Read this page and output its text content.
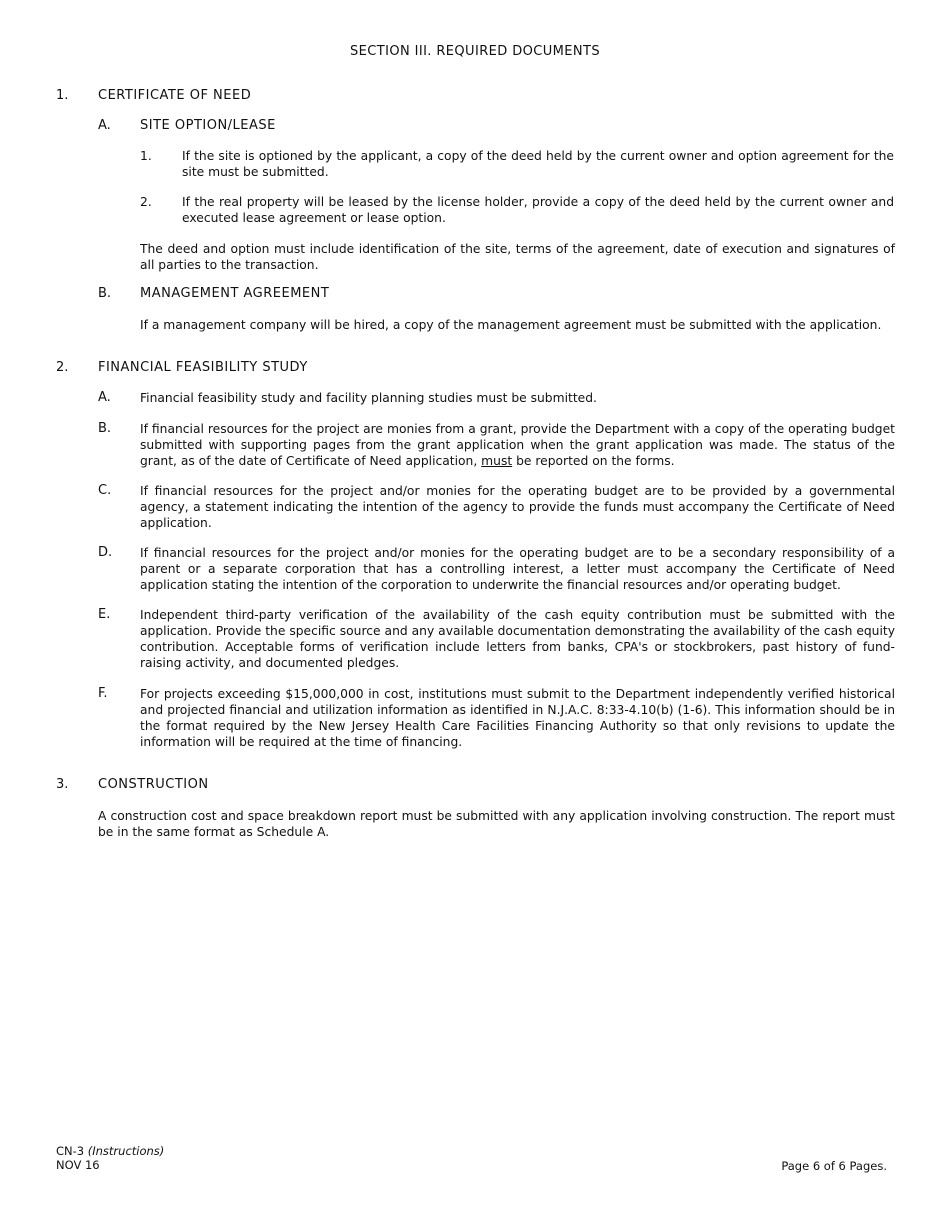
SECTION III. REQUIRED DOCUMENTS
1. CERTIFICATE OF NEED
A. SITE OPTION/LEASE
1. If the site is optioned by the applicant, a copy of the deed held by the current owner and option agreement for the site must be submitted.
2. If the real property will be leased by the license holder, provide a copy of the deed held by the current owner and executed lease agreement or lease option.
The deed and option must include identification of the site, terms of the agreement, date of execution and signatures of all parties to the transaction.
B. MANAGEMENT AGREEMENT
If a management company will be hired, a copy of the management agreement must be submitted with the application.
2. FINANCIAL FEASIBILITY STUDY
A. Financial feasibility study and facility planning studies must be submitted.
B. If financial resources for the project are monies from a grant, provide the Department with a copy of the operating budget submitted with supporting pages from the grant application when the grant application was made. The status of the grant, as of the date of Certificate of Need application, must be reported on the forms.
C. If financial resources for the project and/or monies for the operating budget are to be provided by a governmental agency, a statement indicating the intention of the agency to provide the funds must accompany the Certificate of Need application.
D. If financial resources for the project and/or monies for the operating budget are to be a secondary responsibility of a parent or a separate corporation that has a controlling interest, a letter must accompany the Certificate of Need application stating the intention of the corporation to underwrite the financial resources and/or operating budget.
E. Independent third-party verification of the availability of the cash equity contribution must be submitted with the application. Provide the specific source and any available documentation demonstrating the availability of the cash equity contribution. Acceptable forms of verification include letters from banks, CPA's or stockbrokers, past history of fund-raising activity, and documented pledges.
F.	For projects exceeding $15,000,000 in cost, institutions must submit to the Department independently verified historical and projected financial and utilization information as identified in N.J.A.C. 8:33-4.10(b) (1-6). This information should be in the format required by the New Jersey Health Care Facilities Financing Authority so that only revisions to update the information will be required at the time of financing.
3. CONSTRUCTION
A construction cost and space breakdown report must be submitted with any application involving construction. The report must be in the same format as Schedule A.
CN-3 (Instructions)
NOV 16	Page 6 of 6 Pages.
